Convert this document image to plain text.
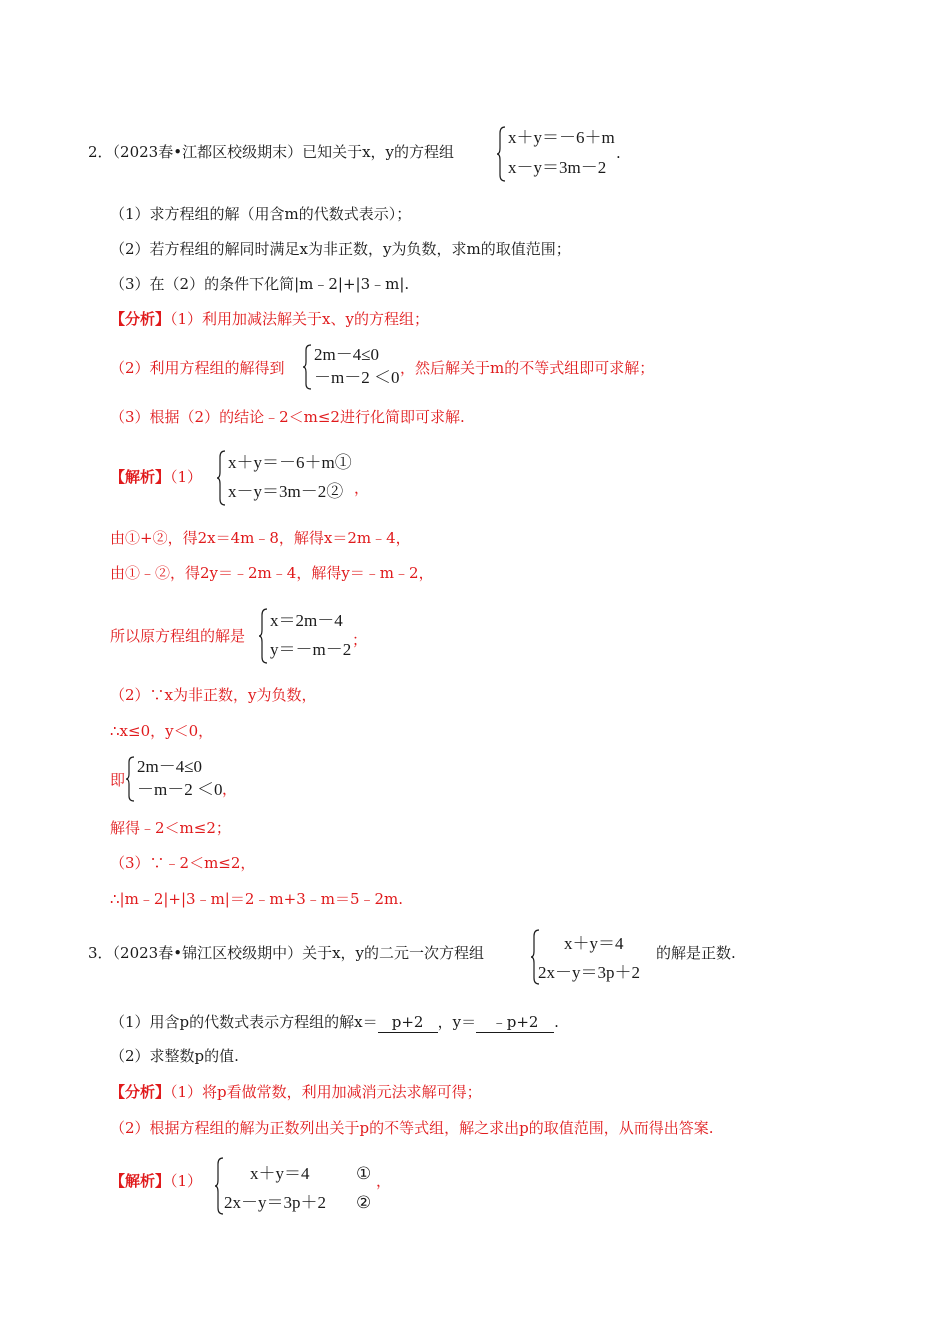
2．（2023春•江都区校级期末）已知关于x，y的方程组
x＋y＝－6＋m
x－y＝3m－2
.
（1）求方程组的解（用含m的代数式表示）；
（2）若方程组的解同时满足x为非正数，y为负数，求m的取值范围；
（3）在（2）的条件下化简|m﹣2|+|3﹣m|.
【分析】（1）利用加减法解关于x、y的方程组；
（2）利用方程组的解得到
2m－4≤0
－m－2 ＜0 ，然后解关于m的不等式组即可求解；
（3）根据（2）的结论﹣2＜m≤2进行化简即可求解.
【解析】（1）
x＋y＝－6＋m①
x－y＝3m－2② ，
由①+②，得2x＝4m﹣8，解得x＝2m﹣4，
由①﹣②，得2y＝﹣2m﹣4，解得y＝﹣m﹣2，
所以原方程组的解是
x＝2m－4
y＝－m－2 ；
（2）∵x为非正数，y为负数，
∴x≤0，y＜0，
即
2m－4≤0
－m－2 ＜0 ，
解得﹣2＜m≤2；
（3）∵﹣2＜m≤2，
∴|m﹣2|+|3﹣m|＝2﹣m+3﹣m＝5﹣2m.
3．（2023春•锦江区校级期中）关于x，y的二元一次方程组	x＋y＝4
2x－y＝3p＋2
的解是正数.
（1）用含p的代数式表示方程组的解x＝ p+2 ，y＝ ﹣p+2 .
（2）求整数p的值.
【分析】（1）将p看做常数，利用加减消元法求解可得；
（2）根据方程组的解为正数列出关于p的不等式组，解之求出p的取值范围，从而得出答案.
【解析】（1）	x＋y＝4	①
2x－y＝3p＋2 ②
，
